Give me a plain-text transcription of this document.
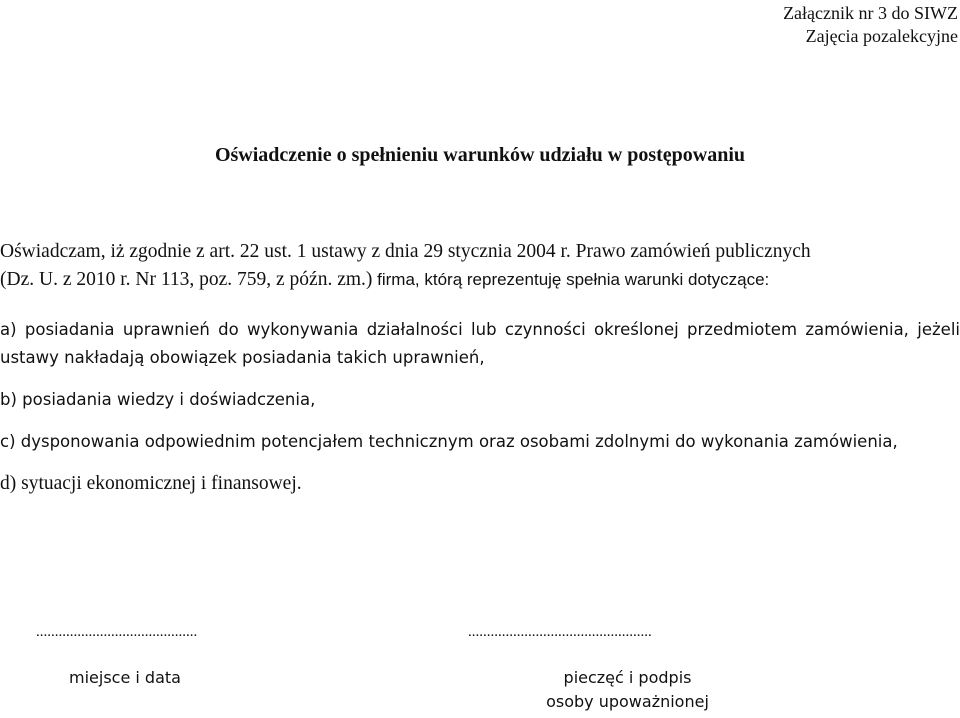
Załącznik nr 3 do SIWZ
Zajęcia pozalekcyjne
Oświadczenie o spełnieniu warunków udziału w postępowaniu
Oświadczam, iż zgodnie z art. 22 ust. 1 ustawy z dnia 29 stycznia 2004 r. Prawo zamówień publicznych
(Dz. U. z 2010 r. Nr 113, poz. 759, z późn. zm.) firma, którą reprezentuję spełnia warunki dotyczące:

a) posiadania uprawnień do wykonywania działalności lub czynności określonej przedmiotem zamówienia, jeżeli ustawy nakładają obowiązek posiadania takich uprawnień,

b) posiadania wiedzy i doświadczenia,

c) dysponowania odpowiednim potencjałem technicznym oraz osobami zdolnymi do wykonania zamówienia,

d) sytuacji ekonomicznej i finansowej.

...........................................	.................................................
miejsce i data	pieczęć i podpis
osoby upoważnionej
